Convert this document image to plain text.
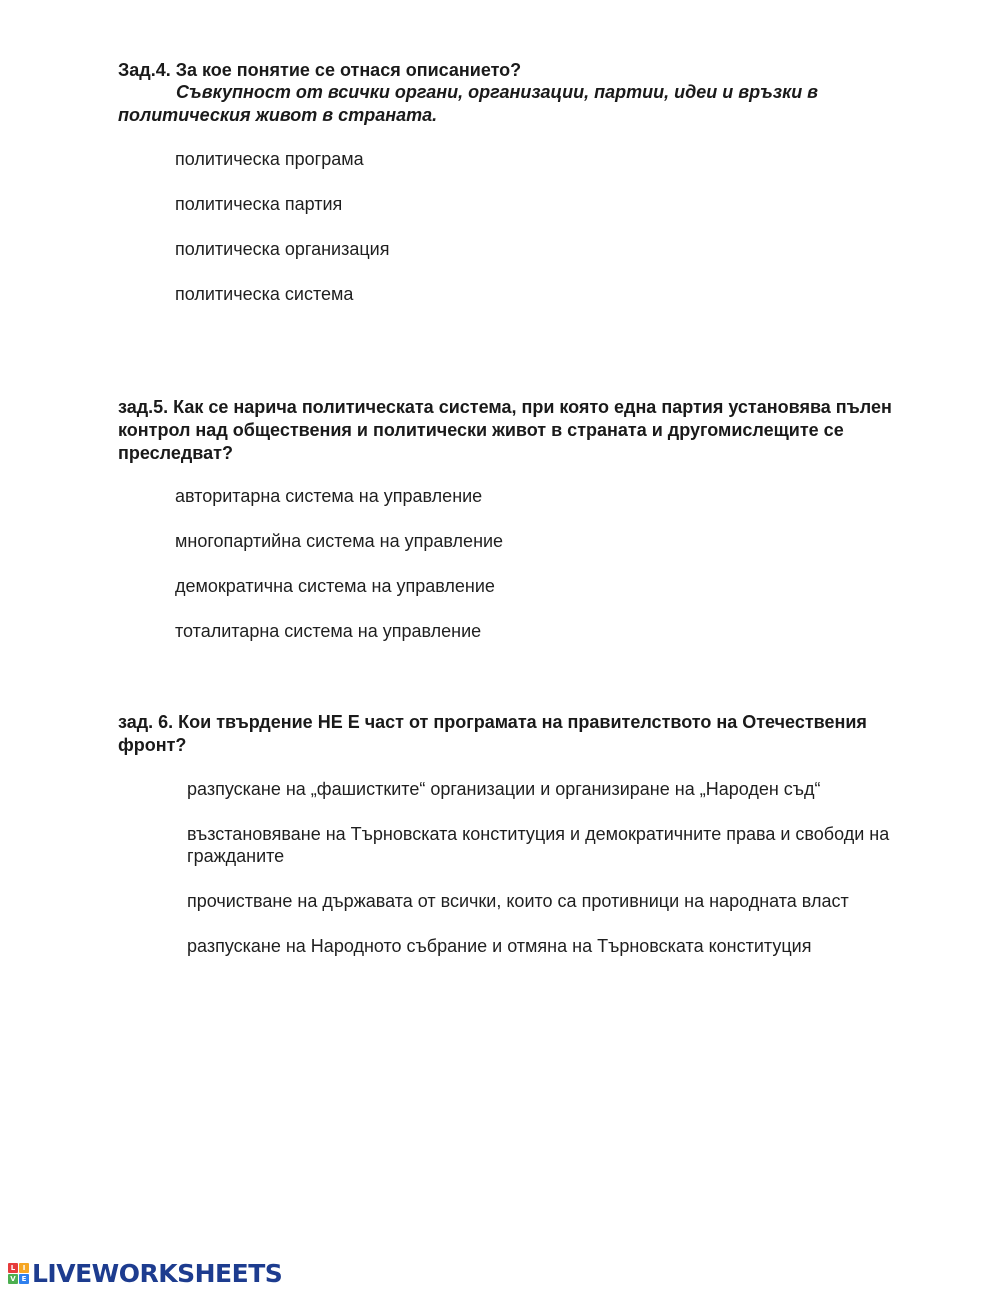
Зад.4. За кое понятие се отнася описанието?

Съвкупност от всички органи, организации, партии, идеи и връзки в
политическия живот в страната.

политическа програма

политическа партия

политическа организация

политическа система

зад.5. Как се нарича политическата система, при която една партия установява пълен
контрол над обществения и политически живот в страната и другомислещите се
преследват?

авторитарна система на управление

многопартийна система на управление

демократична система на управление

тоталитарна система на управление

зад. 6. Кои твърдение НЕ Е част от програмата на правителството на Отечествения
фронт?

разпускане на „фашистките“ организации и организиране на „Народен съд“

възстановяване на Търновската конституция и демократичните права и свободи на
гражданите

прочистване на държавата от всички, които са противници на народната власт

разпускане на Народното събрание и отмяна на Търновската конституция

L	I
V E LIVEWORKSHEETS
